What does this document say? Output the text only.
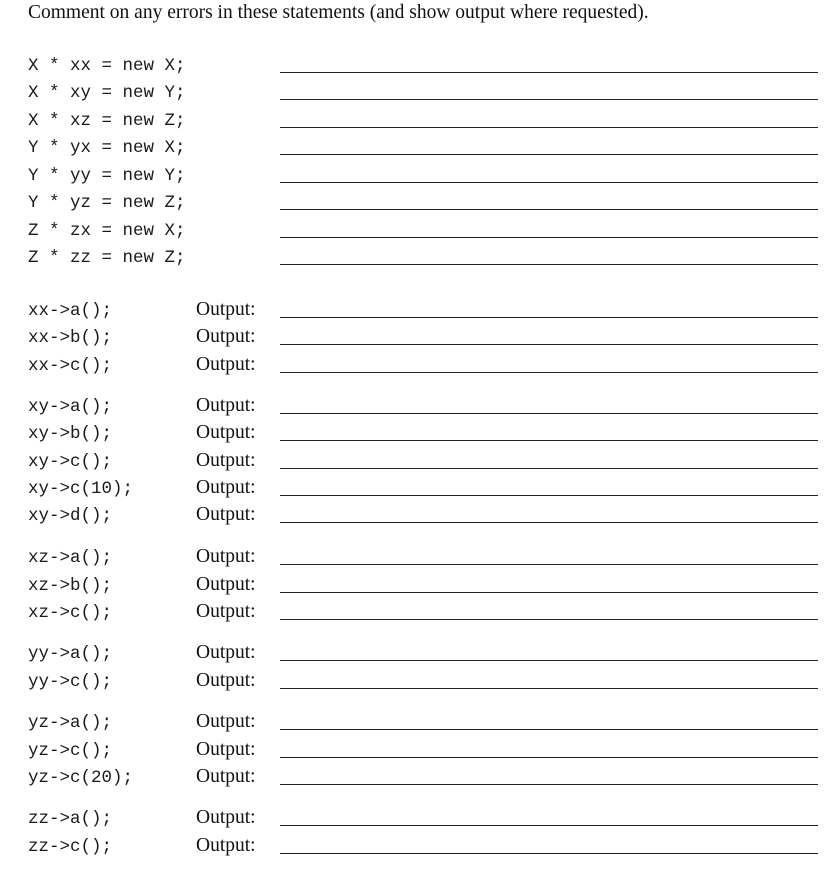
Comment on any errors in these statements (and show output where requested).
X * xx = new X;
X * xy = new Y;
X * xz = new Z;
Y * yx = new X;
Y * yy = new Y;
Y * yz = new Z;
Z * zx = new X;
Z * zz = new Z;
xx->a();	Output:
xx->b();	Output:
xx->c();	Output:
xy->a();	Output:
xy->b();	Output:
xy->c();	Output:
xy->c(10);	Output:
xy->d();	Output:
xz->a();	Output:
xz->b();	Output:
xz->c();	Output:
yy->a();	Output:
yy->c();	Output:
yz->a();	Output:
yz->c();	Output:
yz->c(20);	Output:
zz->a();	Output:
zz->c();	Output:
